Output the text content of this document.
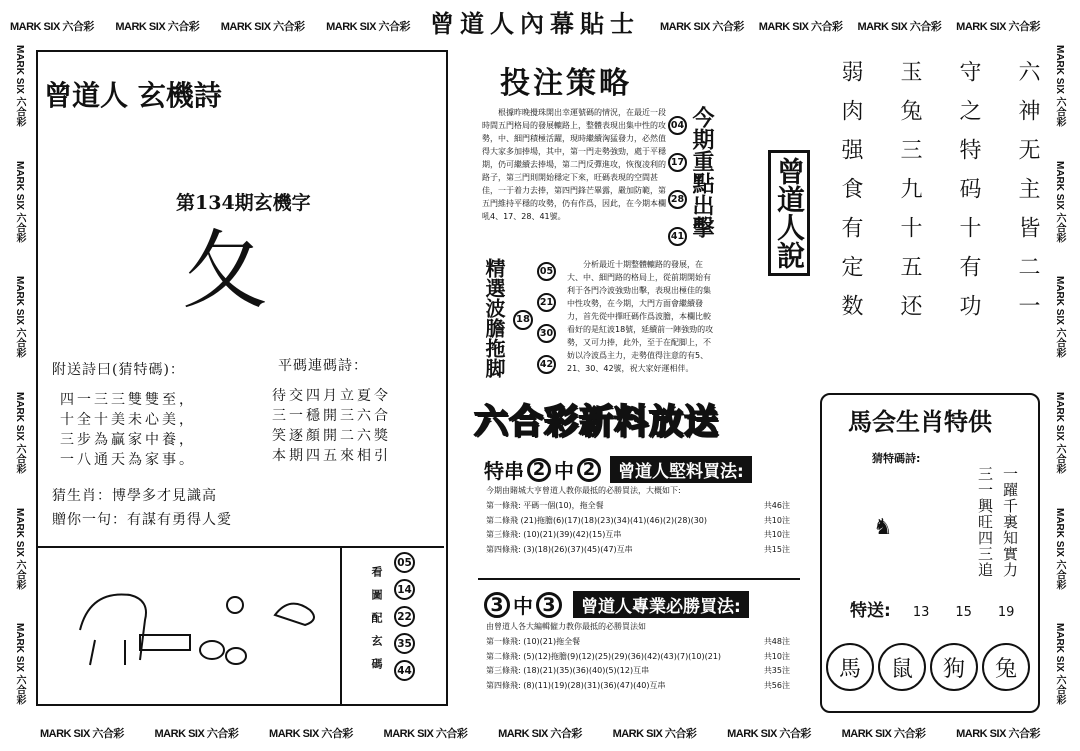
MARK SIX 六合彩 MARK SIX 六合彩 MARK SIX 六合彩 MARK SIX 六合彩	MARK SIX 六合彩 MARK SIX 六合彩 MARK SIX 六合彩 MARK SIX 六合彩
MARK SIX 六合彩	MARK SIX 六合彩	MARK SIX 六合彩	MARK SIX 六合彩	MARK SIX 六合彩	MARK SIX 六合彩	MARK SIX 六合彩	MARK SIX 六合彩	MARK SIX 六合彩
MARK SIX 六合彩
MARK SIX 六合彩
MARK SIX 六合彩
MARK SIX 六合彩
MARK SIX 六合彩
MARK SIX 六合彩
MARK SIX 六合彩
MARK SIX 六合彩
MARK SIX 六合彩
MARK SIX 六合彩
MARK SIX 六合彩
MARK SIX 六合彩
曾道人內幕貼士
曾道人 玄機詩
第134期玄機字
夂
附送詩曰(猜特碼)：
四一三三雙雙至，
十全十美未心美，
三步為贏家中養，
一八通天為家事。
平碼連碼詩：
待交四月立夏令
三一穩開三六合
笑逐顏開二六獎
本期四五來相引
猜生肖：博學多才見識高
贈你一句：有謀有勇得人愛
看圖配玄碼
05
14
22
35
44
投注策略
根據昨晚攪珠開出幸運號碼的情況，在最近一段時間五門格局的發展轆路上，整體表現出集中性的攻勢，中、細門積極活躍，現時繼續洶猛發力，必然值得大家多加捧場，其中，第一門走勢強勁，處于平穩期，仍可繼續去捧場，第二門反彈進攻，恢復凌利的路子，第三門則開始穩定下來，旺碼表現的空間甚佳，一于着力去捧，第四門鋒芒畢露，嚴加防範，第五門維持平穩的攻勢，仍有作爲，因此，在今期本欄吼4、17、28、41號。
04
17
28
41 今期重點出擊
精選波膽拖脚	18
05
21
30
42
分析最近十期整體轆路的發展，在大、中、細門路的格局上，從前期開始有利于各門冷波強勁出擊，表現出極佳的集中性攻勢，在今期，大門方面會繼續發力，首先從中擇旺碼作爲波膽，本欄比較看好的是紅波18號，延續前一陣強勁的攻勢，又可力捧，此外，至于在配脚上，不妨以冷波爲主力，走勢值得注意的有5、21、30、42號，祝大家好運相伴。
曾道人說	六神无主皆二一
守之特码十有功
玉兔三九十五还
弱肉强食有定数
六合彩新料放送
特串 2 中 2	曾道人堅料買法:
今期由賭城大亨曾道人教你最抵的必勝買法，大概如下:
第一條飛: 平碼一個(10)，拖全餐	共46注
第二條飛 (21)拖膽(6)(17)(18)(23)(34)(41)(46)(2)(28)(30)	共10注
第三條飛: (10)(21)(39)(42)(15)互串	共10注
第四條飛: (3)(18)(26)(37)(45)(47)互串	共15注
3 中 3	曾道人專業必勝買法:
由曾道人各大編輯僱力教你最抵的必勝買法如
第一條飛: (10)(21)拖全餐	共48注
第二條飛: (5)(12)拖膽(9)(12)(25)(29)(36)(42)(43)(7)(10)(21)	共10注
第三條飛: (18)(21)(35)(36)(40)(5)(12)互串	共35注
第四條飛: (8)(11)(19)(28)(31)(36)(47)(40)互串	共56注
馬会生肖特供
猜特碼詩:
一躍千裏知實力
三一興旺四三追
♞
特送: 13 15 19
馬	鼠	狗	兔
